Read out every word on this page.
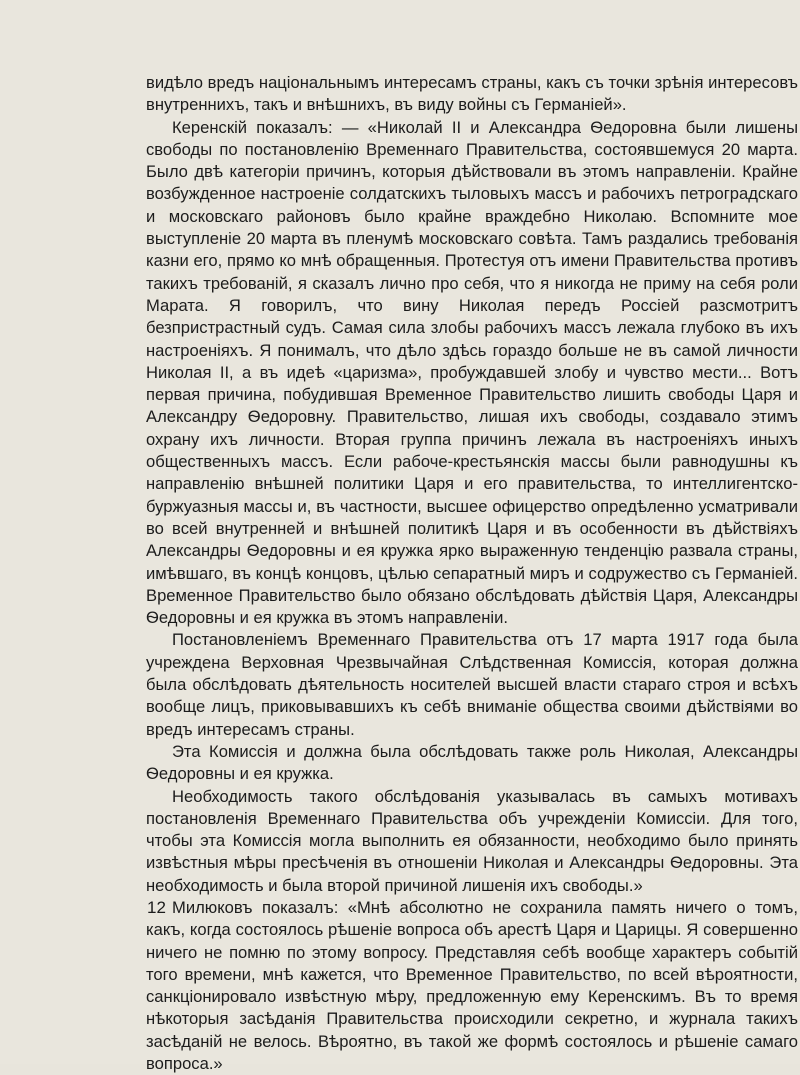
видѣло вредъ національнымъ интересамъ страны, какъ съ точки зрѣнія интересовъ внутреннихъ, такъ и внѣшнихъ, въ виду войны съ Германіей».

Керенскій показалъ: — «Николай II и Александра Ѳедоровна были лишены свободы по постановленію Временнаго Правительства, состоявшемуся 20 марта. Было двѣ категоріи причинъ, которыя дѣйствовали въ этомъ направленіи. Крайне возбужденное настроеніе солдатскихъ тыловыхъ массъ и рабочихъ петроградскаго и московскаго районовъ было крайне враждебно Николаю. Вспомните мое выступленіе 20 марта въ пленумѣ московскаго совѣта. Тамъ раздались требованія казни его, прямо ко мнѣ обращенныя. Протестуя отъ имени Правительства противъ такихъ требованій, я сказалъ лично про себя, что я никогда не приму на себя роли Марата. Я говорилъ, что вину Николая передъ Россіей разсмотритъ безпристрастный судъ. Самая сила злобы рабочихъ массъ лежала глубоко въ ихъ настроеніяхъ. Я понималъ, что дѣло здѣсь гораздо больше не въ самой личности Николая II, а въ идеѣ «царизма», пробуждавшей злобу и чувство мести... Вотъ первая причина, побудившая Временное Правительство лишить свободы Царя и Александру Ѳедоровну. Правительство, лишая ихъ свободы, создавало этимъ охрану ихъ личности. Вторая группа причинъ лежала въ настроеніяхъ иныхъ общественныхъ массъ. Если рабоче-крестьянскія массы были равнодушны къ направленію внѣшней политики Царя и его правительства, то интеллигентско-буржуазныя массы и, въ частности, высшее офицерство опредѣленно усматривали во всей внутренней и внѣшней политикѣ Царя и въ особенности въ дѣйствіяхъ Александры Ѳедоровны и ея кружка ярко выраженную тенденцію развала страны, имѣвшаго, въ концѣ концовъ, цѣлью сепаратный миръ и содружество съ Германіей. Временное Правительство было обязано обслѣдовать дѣйствія Царя, Александры Ѳедоровны и ея кружка въ этомъ направленіи.

Постановленіемъ Временнаго Правительства отъ 17 марта 1917 года была учреждена Верховная Чрезвычайная Слѣдственная Комиссія, которая должна была обслѣдовать дѣятельность носителей высшей власти стараго строя и всѣхъ вообще лицъ, приковывавшихъ къ себѣ вниманіе общества своими дѣйствіями во вредъ интересамъ страны.

Эта Комиссія и должна была обслѣдовать также роль Николая, Александры Ѳедоровны и ея кружка.

Необходимость такого обслѣдованія указывалась въ самыхъ мотивахъ постановленія Временнаго Правительства объ учрежденіи Комиссіи. Для того, чтобы эта Комиссія могла выполнить ея обязанности, необходимо было принять извѣстныя мѣры пресѣченія въ отношеніи Николая и Александры Ѳедоровны. Эта необходимость и была второй причиной лишенія ихъ свободы.»

Милюковъ показалъ: «Мнѣ абсолютно не сохранила память ничего о томъ, какъ, когда состоялось рѣшеніе вопроса объ арестѣ Царя и Царицы. Я совершенно ничего не помню по этому вопросу. Представляя себѣ вообще характеръ событій того времени, мнѣ кажется, что Временное Правительство, по всей вѣроятности, санкціонировало извѣстную мѣру, предложенную ему Керенскимъ. Въ то время нѣкоторыя засѣданія Правительства происходили секретно, и журнала такихъ засѣданій не велось. Вѣроятно, въ такой же формѣ состоялось и рѣшеніе самаго вопроса.»

12
